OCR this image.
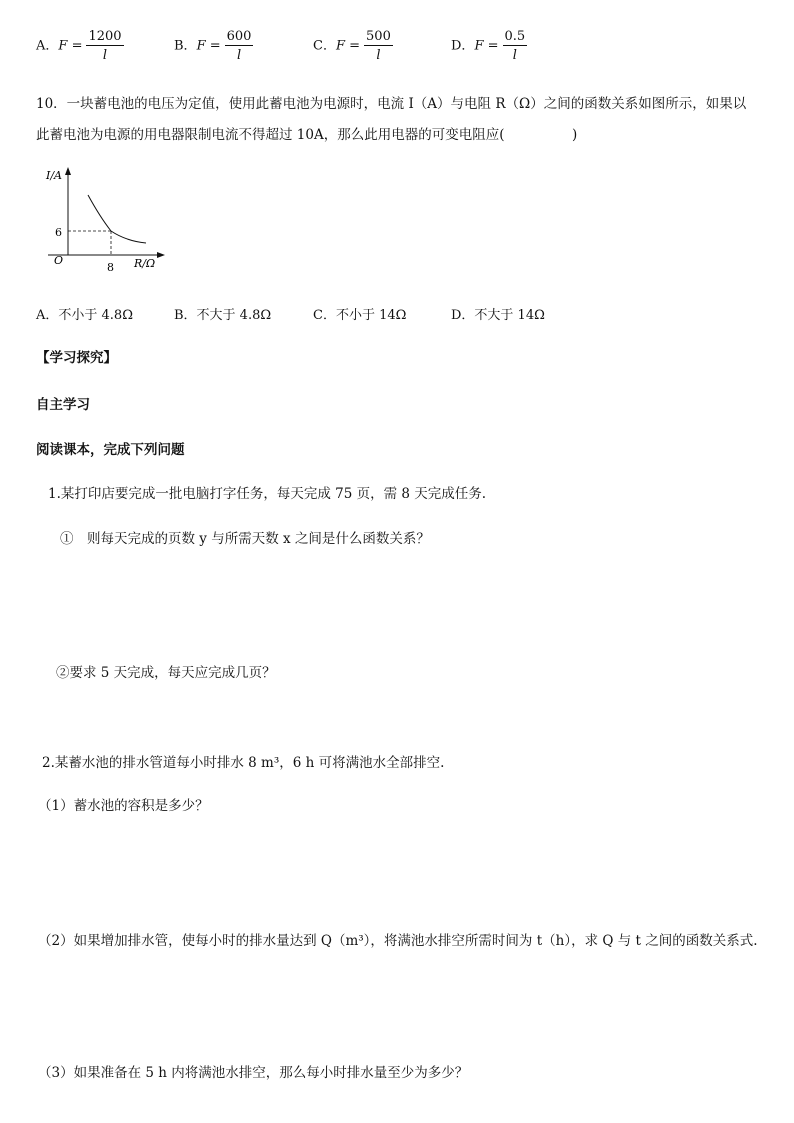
A．$F = \frac{1200}{l}$	B．$F = \frac{600}{l}$	C．$F = \frac{500}{l}$	D．$F = \frac{0.5}{l}$
10．一块蓄电池的电压为定值，使用此蓄电池为电源时，电流 I（A）与电阻 R（Ω）之间的函数关系如图所示，如果以
此蓄电池为电源的用电器限制电流不得超过 10A，那么此用电器的可变电阻应(　　　　　)
I/A
6
O
8 R/Ω
A．不小于 4.8Ω	B．不大于 4.8Ω	C．不小于 14Ω	D．不大于 14Ω
【学习探究】
自主学习
阅读课本，完成下列问题
1.某打印店要完成一批电脑打字任务，每天完成 75 页，需 8 天完成任务.
①　则每天完成的页数 y 与所需天数 x 之间是什么函数关系？
②要求 5 天完成，每天应完成几页？
2.某蓄水池的排水管道每小时排水 8 m³，6 h 可将满池水全部排空.
（1）蓄水池的容积是多少？
（2）如果增加排水管，使每小时的排水量达到 Q（m³），将满池水排空所需时间为 t（h），求 Q 与 t 之间的函数关系式.
（3）如果准备在 5 h 内将满池水排空，那么每小时排水量至少为多少？
